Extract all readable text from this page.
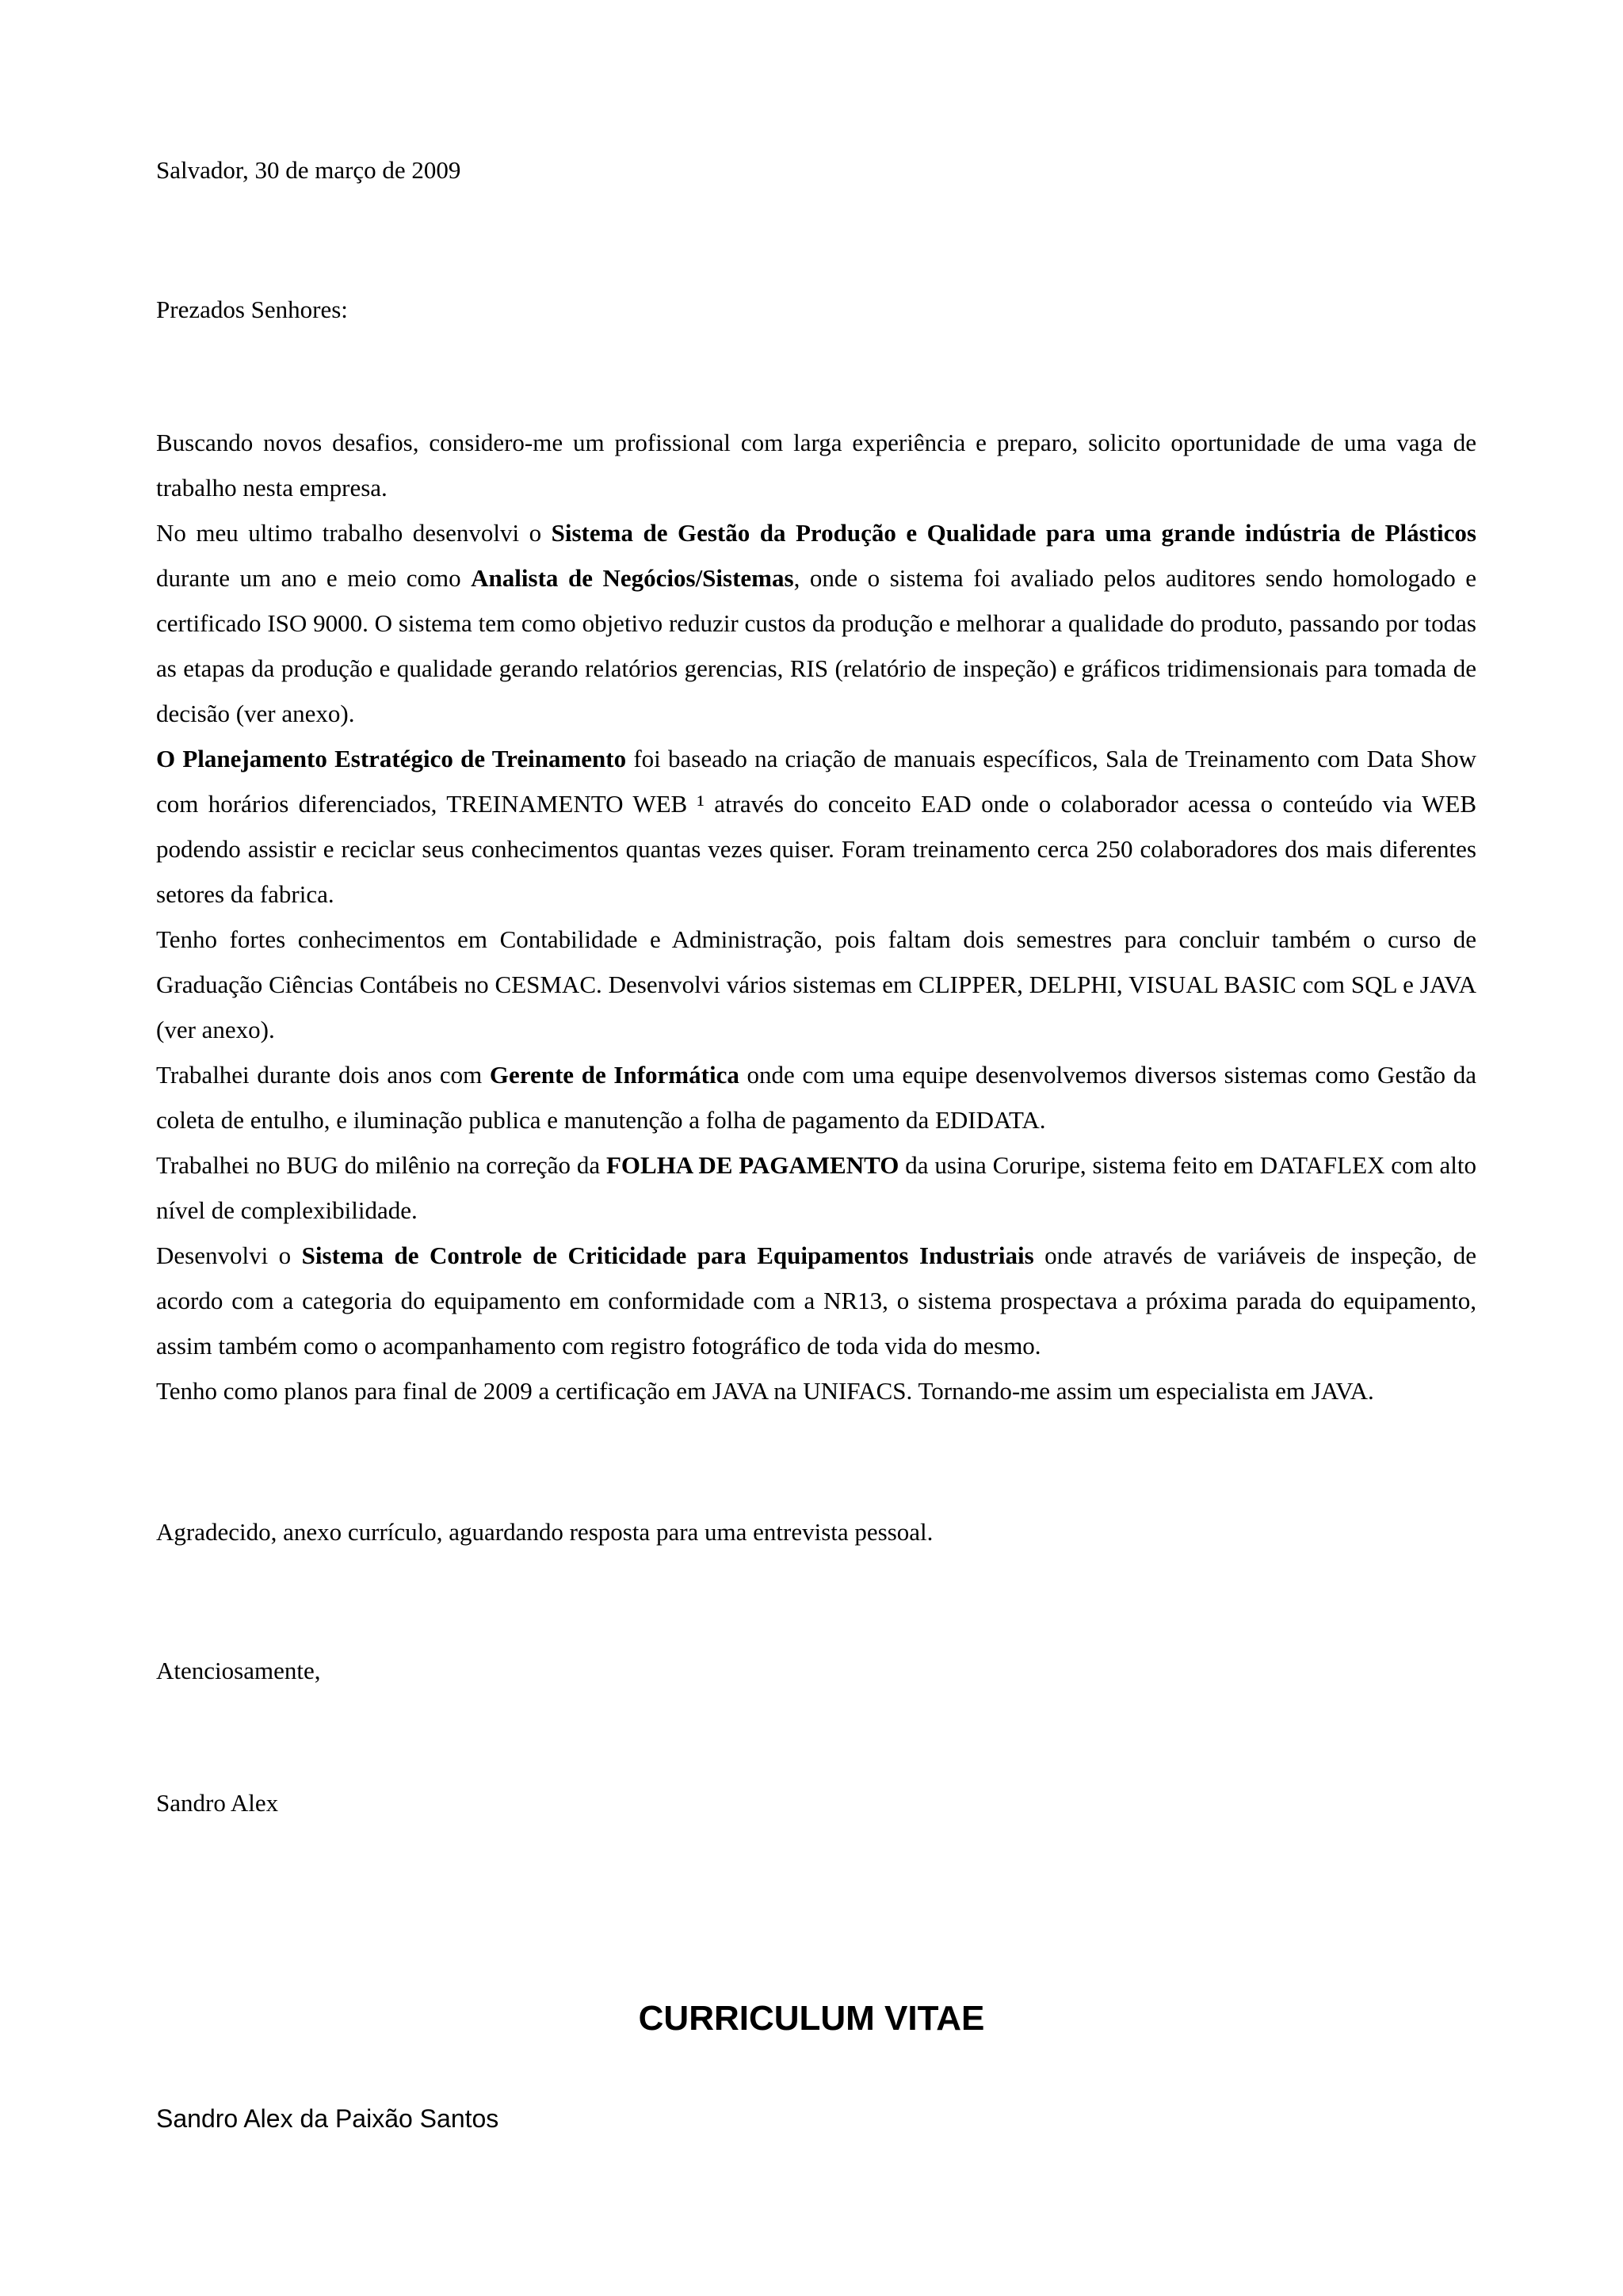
Salvador, 30 de março de 2009

Prezados Senhores:

Buscando novos desafios, considero-me um profissional com larga experiência e preparo, solicito oportunidade de uma vaga de trabalho nesta empresa.

No meu ultimo trabalho desenvolvi o Sistema de Gestão da Produção e Qualidade para uma grande indústria de Plásticos durante um ano e meio como Analista de Negócios/Sistemas, onde o sistema foi avaliado pelos auditores sendo homologado e certificado ISO 9000. O sistema tem como objetivo reduzir custos da produção e melhorar a qualidade do produto, passando por todas as etapas da produção e qualidade gerando relatórios gerencias, RIS (relatório de inspeção) e gráficos tridimensionais para tomada de decisão (ver anexo).

O Planejamento Estratégico de Treinamento foi baseado na criação de manuais específicos, Sala de Treinamento com Data Show com horários diferenciados, TREINAMENTO WEB ¹ através do conceito EAD onde o colaborador acessa o conteúdo via WEB podendo assistir e reciclar seus conhecimentos quantas vezes quiser. Foram treinamento cerca 250 colaboradores dos mais diferentes setores da fabrica.

Tenho fortes conhecimentos em Contabilidade e Administração, pois faltam dois semestres para concluir também o curso de Graduação Ciências Contábeis no CESMAC. Desenvolvi vários sistemas em CLIPPER, DELPHI, VISUAL BASIC com SQL e JAVA (ver anexo).

Trabalhei durante dois anos com Gerente de Informática onde com uma equipe desenvolvemos diversos sistemas como Gestão da coleta de entulho, e iluminação publica e manutenção a folha de pagamento da EDIDATA.

Trabalhei no BUG do milênio na correção da FOLHA DE PAGAMENTO da usina Coruripe, sistema feito em DATAFLEX com alto nível de complexibilidade.

Desenvolvi o Sistema de Controle de Criticidade para Equipamentos Industriais onde através de variáveis de inspeção, de acordo com a categoria do equipamento em conformidade com a NR13, o sistema prospectava a próxima parada do equipamento, assim também como o acompanhamento com registro fotográfico de toda vida do mesmo.

Tenho como planos para final de 2009 a certificação em JAVA na UNIFACS. Tornando-me assim um especialista em JAVA.

Agradecido, anexo currículo, aguardando resposta para uma entrevista pessoal.

Atenciosamente,

Sandro Alex

CURRICULUM VITAE

Sandro Alex da Paixão Santos
